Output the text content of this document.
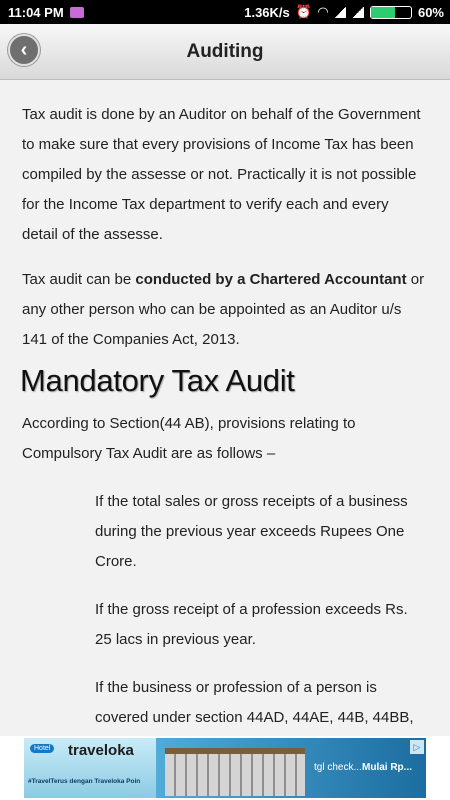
11:04 PM	1.36K/s ⏰ ◠	60%
‹	Auditing

Tax audit is done by an Auditor on behalf of the Government to make sure that every provisions of Income Tax has been compiled by the assesse or not. Practically it is not possible for the Income Tax department to verify each and every detail of the assesse.

Tax audit can be conducted by a Chartered Accountant or any other person who can be appointed as an Auditor u/s 141 of the Companies Act, 2013.

Mandatory Tax Audit

According to Section(44 AB), provisions relating to Compulsory Tax Audit are as follows –

If the total sales or gross receipts of a business during the previous year exceeds Rupees One Crore.

If the gross receipt of a profession exceeds Rs. 25 lacs in previous year.

If the business or profession of a person is covered under section 44AD, 44AE, 44B, 44BB,

Hotel traveloka
#TravelTerus dengan Traveloka Poin
tgl check... Mulai Rp...
▷
